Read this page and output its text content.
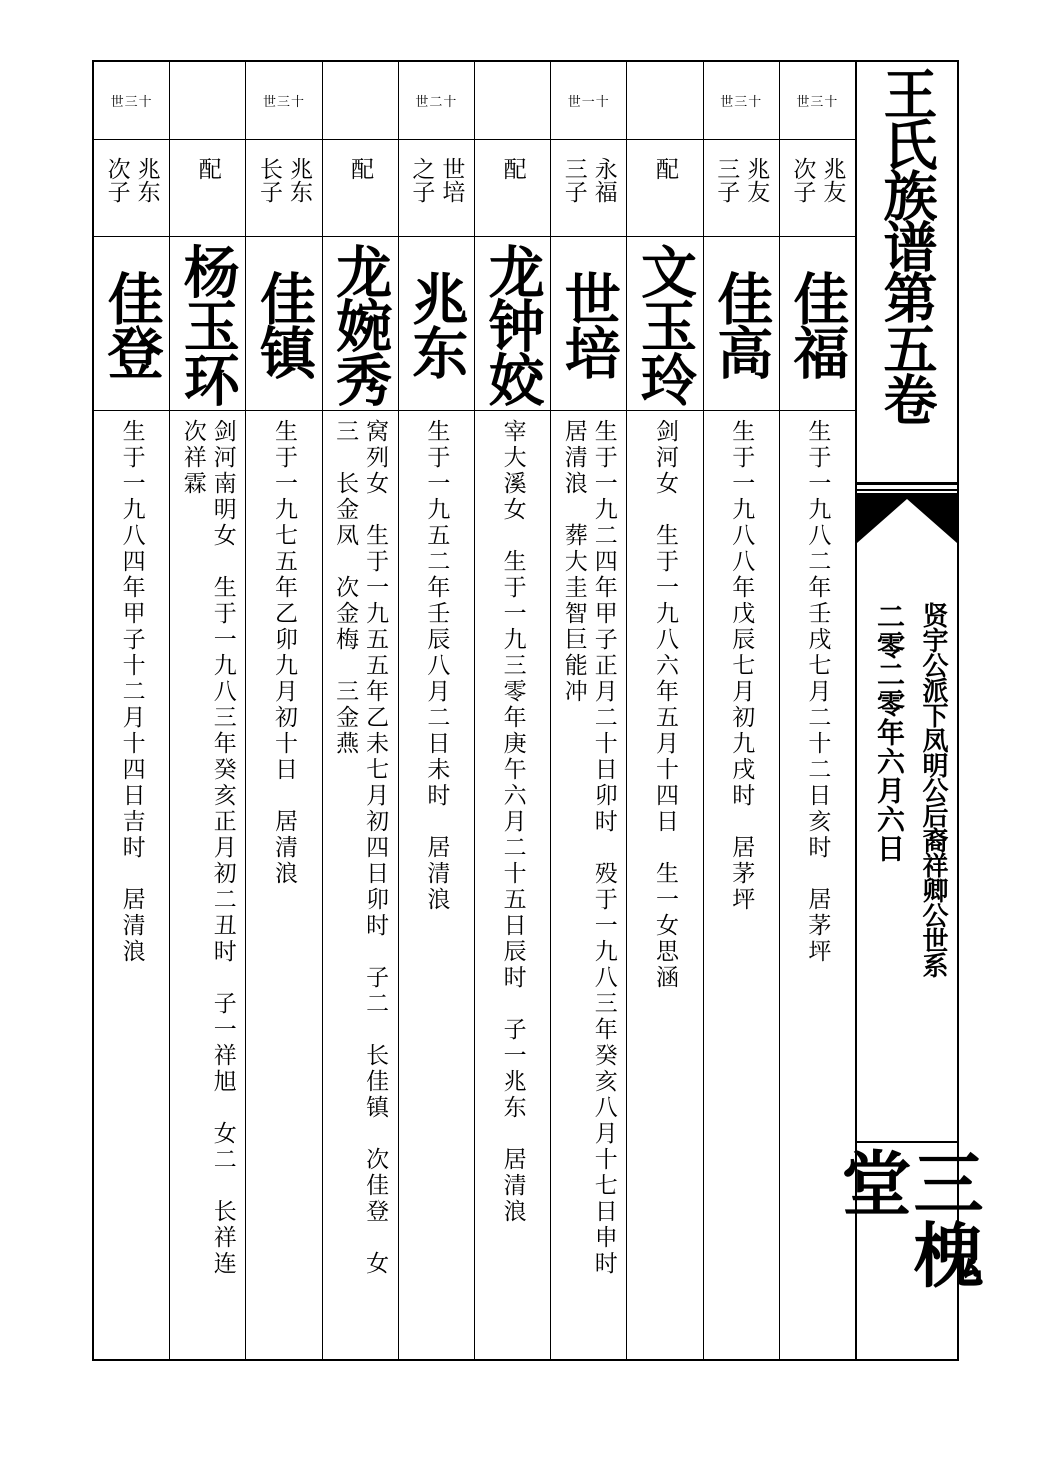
世三十
兆友次子
佳福
生于一九八二年壬戌七月二十二日亥时　居茅坪
世三十
兆友三子
佳高
生于一九八八年戊辰七月初九戌时　居茅坪
配
文玉玲
剑河女　生于一九八六年五月十四日　生一女思涵
世一十
永福三子
世培
生于一九二四年甲子正月二十日卯时　殁于一九八三年癸亥八月十七日申时
居清浪　葬大圭智巨能冲
配
龙钟姣
宰大溪女　生于一九三零年庚午六月二十五日辰时　子一兆东　居清浪
世二十
世培之子
兆东
生于一九五二年壬辰八月二日未时　居清浪
配
龙婉秀
窝列女　生于一九五五年乙未七月初四日卯时　子二　长佳镇　次佳登　女
三　长金凤　次金梅　三金燕
世三十
兆东长子
佳镇
生于一九七五年乙卯九月初十日　居清浪
配
杨玉环
剑河南明女　生于一九八三年癸亥正月初二丑时　子一祥旭　女二　长祥连
次祥霖
世三十
兆东次子
佳登
生于一九八四年甲子十二月十四日吉时　居清浪
王氏族谱第五卷
贤宇公派下凤明公后裔祥卿公世系
二零二零年六月六日
三槐堂
